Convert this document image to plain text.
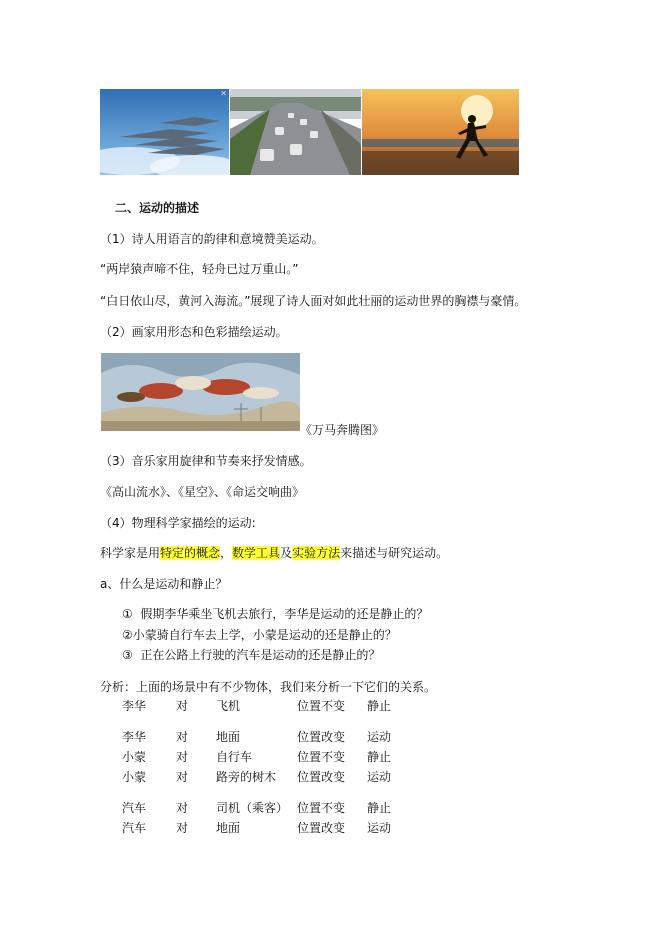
✕
二、运动的描述
（1）诗人用语言的韵律和意境赞美运动。
“两岸猿声啼不住，轻舟已过万重山。”
“白日依山尽，黄河入海流。”展现了诗人面对如此壮丽的运动世界的胸襟与豪情。
（2）画家用形态和色彩描绘运动。
《万马奔腾图》
（3）音乐家用旋律和节奏来抒发情感。
《高山流水》、《星空》、《命运交响曲》
（4）物理科学家描绘的运动:
科学家是用特定的概念，数学工具及实验方法来描述与研究运动。
a、什么是运动和静止？
① 假期李华乘坐飞机去旅行，李华是运动的还是静止的？
②小蒙骑自行车去上学，小蒙是运动的还是静止的？
③ 正在公路上行驶的汽车是运动的还是静止的？
分析：上面的场景中有不少物体，我们来分析一下它们的关系。
李华 对 飞机	位置不变 静止
李华 对 地面	位置改变 运动
小蒙 对 自行车	位置不变 静止
小蒙 对 路旁的树木 位置改变 运动
汽车 对 司机（乘客） 位置不变 静止
汽车 对 地面	位置改变 运动
